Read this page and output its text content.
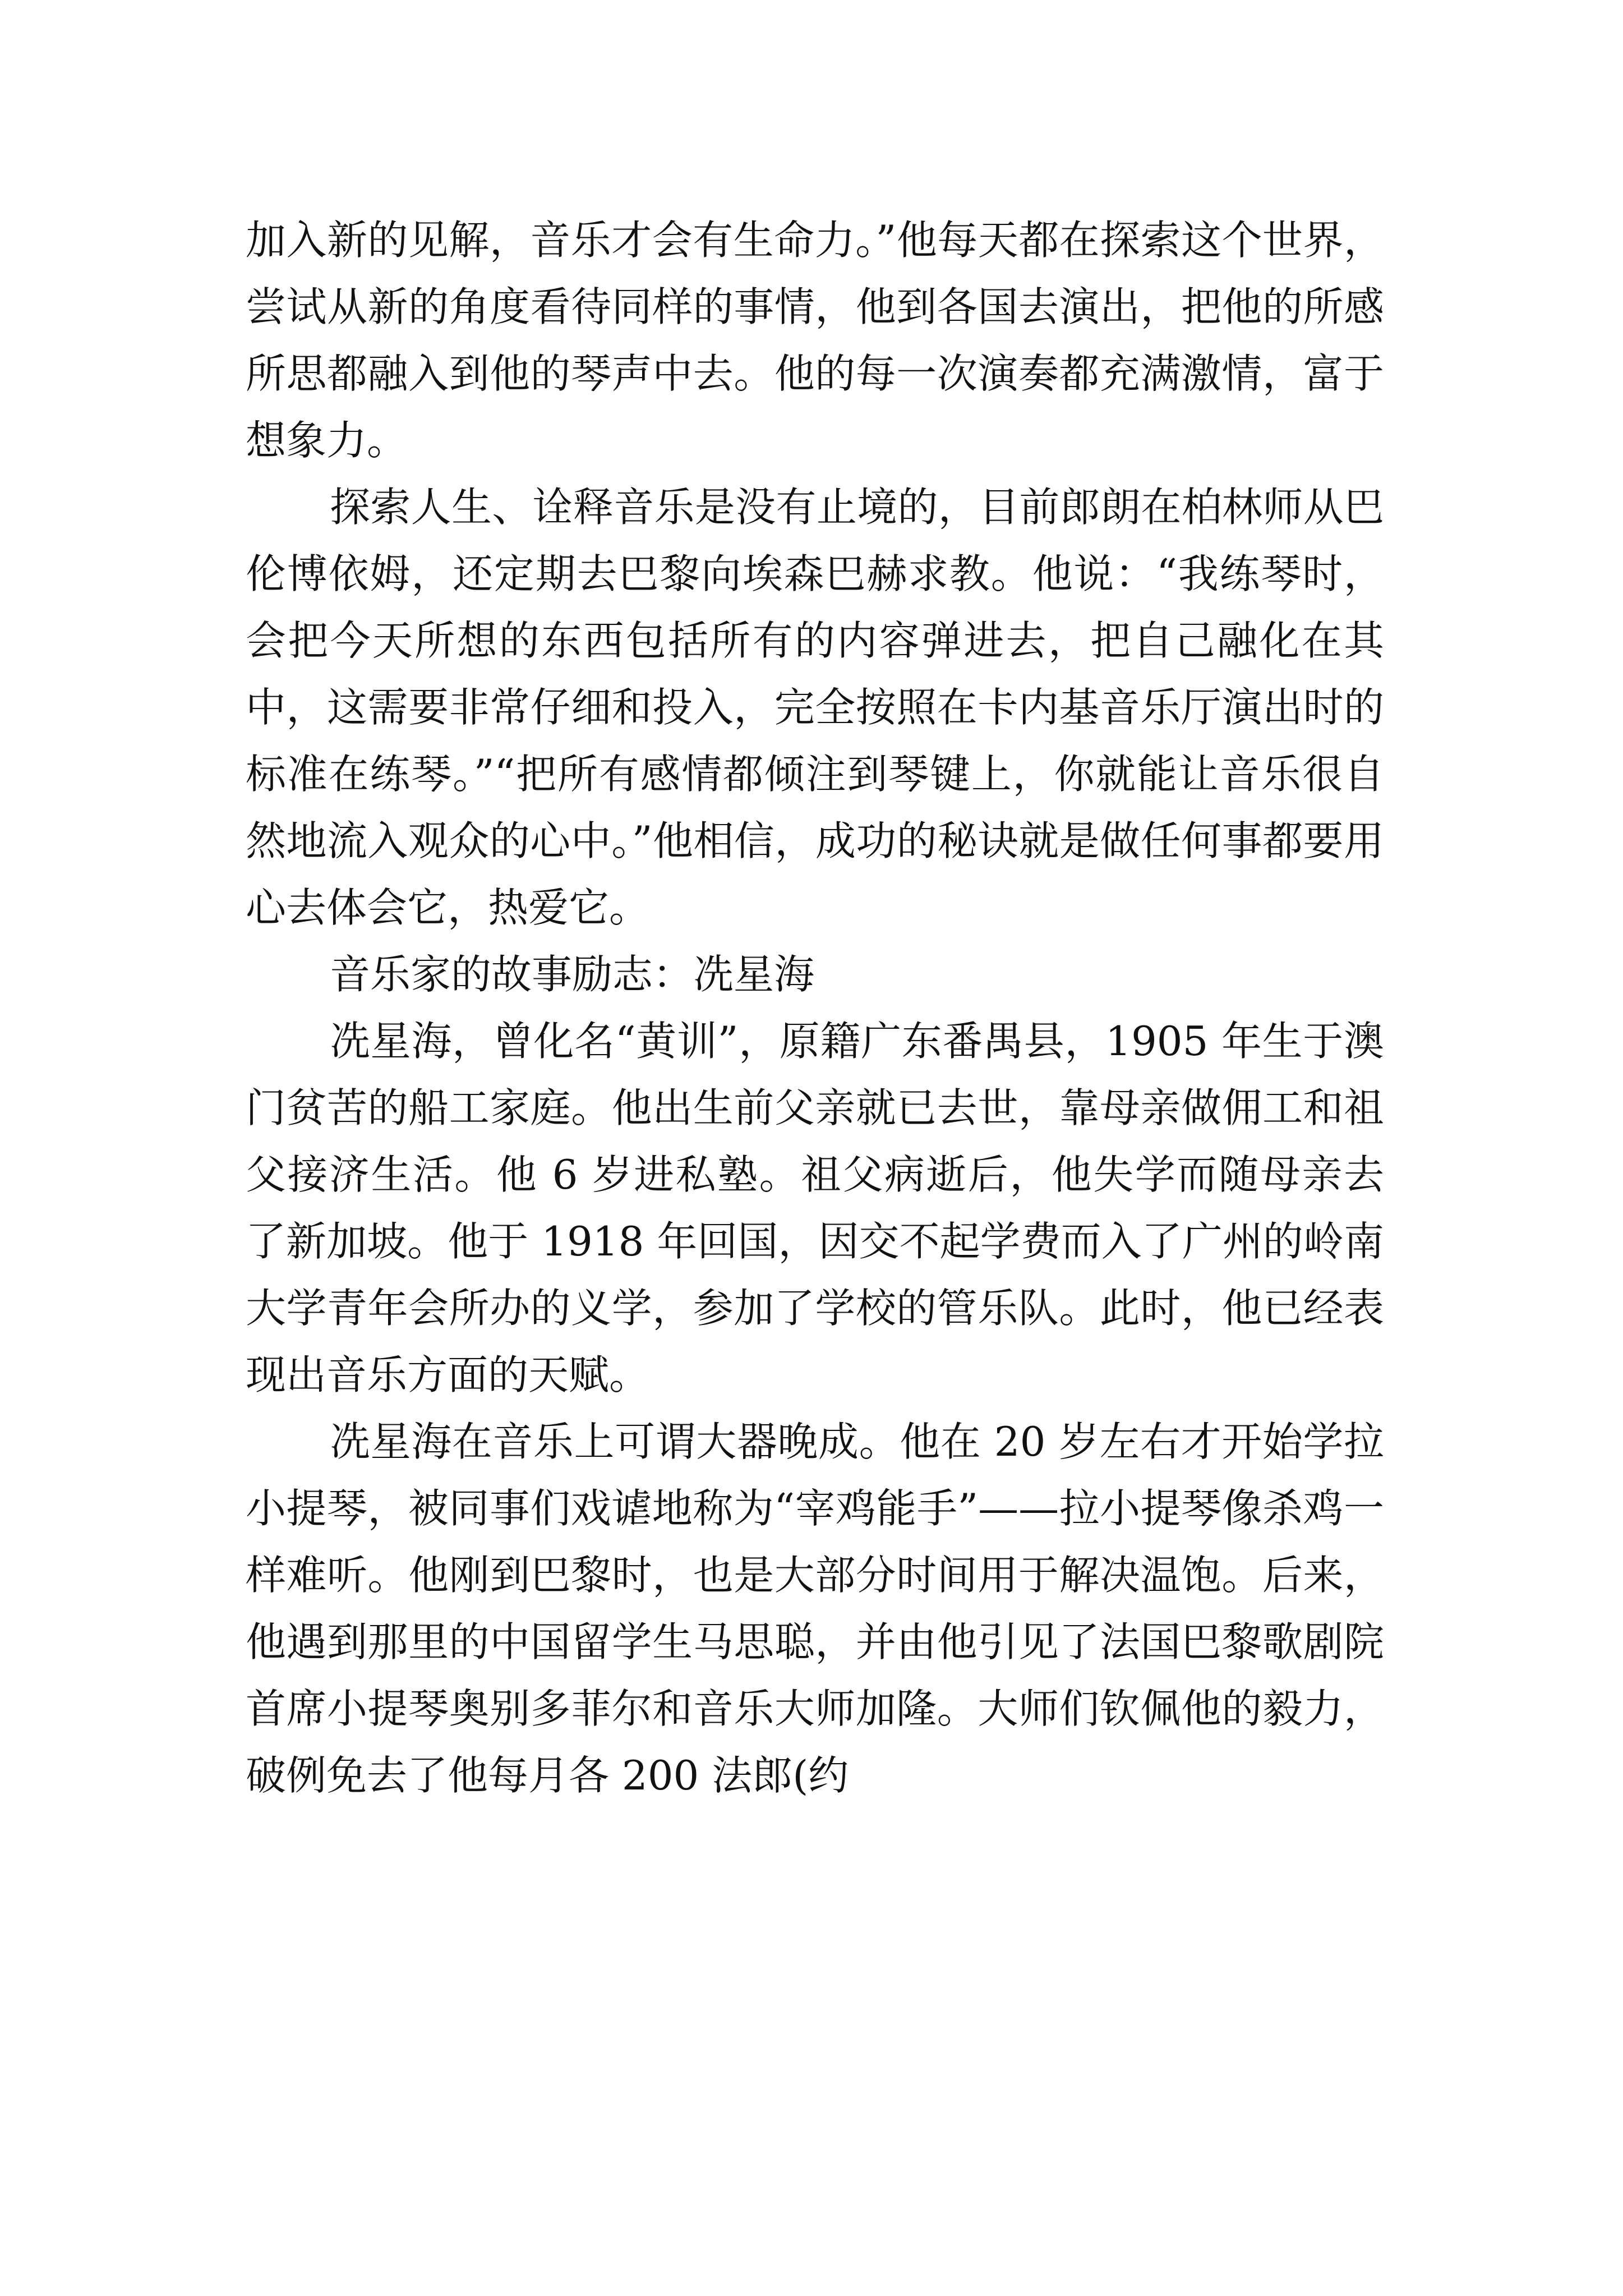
加入新的见解，音乐才会有生命力。”他每天都在探索这个世界，尝试从新的角度看待同样的事情，他到各国去演出，把他的所感所思都融入到他的琴声中去。他的每一次演奏都充满激情，富于想象力。

探索人生、诠释音乐是没有止境的，目前郎朗在柏林师从巴伦博依姆，还定期去巴黎向埃森巴赫求教。他说：“我练琴时，会把今天所想的东西包括所有的内容弹进去，把自己融化在其中，这需要非常仔细和投入，完全按照在卡内基音乐厅演出时的标准在练琴。”“把所有感情都倾注到琴键上，你就能让音乐很自然地流入观众的心中。”他相信，成功的秘诀就是做任何事都要用心去体会它，热爱它。

音乐家的故事励志：冼星海

冼星海，曾化名“黄训”，原籍广东番禺县，1905 年生于澳门贫苦的船工家庭。他出生前父亲就已去世，靠母亲做佣工和祖父接济生活。他 6 岁进私塾。祖父病逝后，他失学而随母亲去了新加坡。他于 1918 年回国，因交不起学费而入了广州的岭南大学青年会所办的义学，参加了学校的管乐队。此时，他已经表现出音乐方面的天赋。

冼星海在音乐上可谓大器晚成。他在 20 岁左右才开始学拉小提琴，被同事们戏谑地称为“宰鸡能手”——拉小提琴像杀鸡一样难听。他刚到巴黎时，也是大部分时间用于解决温饱。后来，他遇到那里的中国留学生马思聪，并由他引见了法国巴黎歌剧院首席小提琴奥别多菲尔和音乐大师加隆。大师们钦佩他的毅力，破例免去了他每月各 200 法郎(约
